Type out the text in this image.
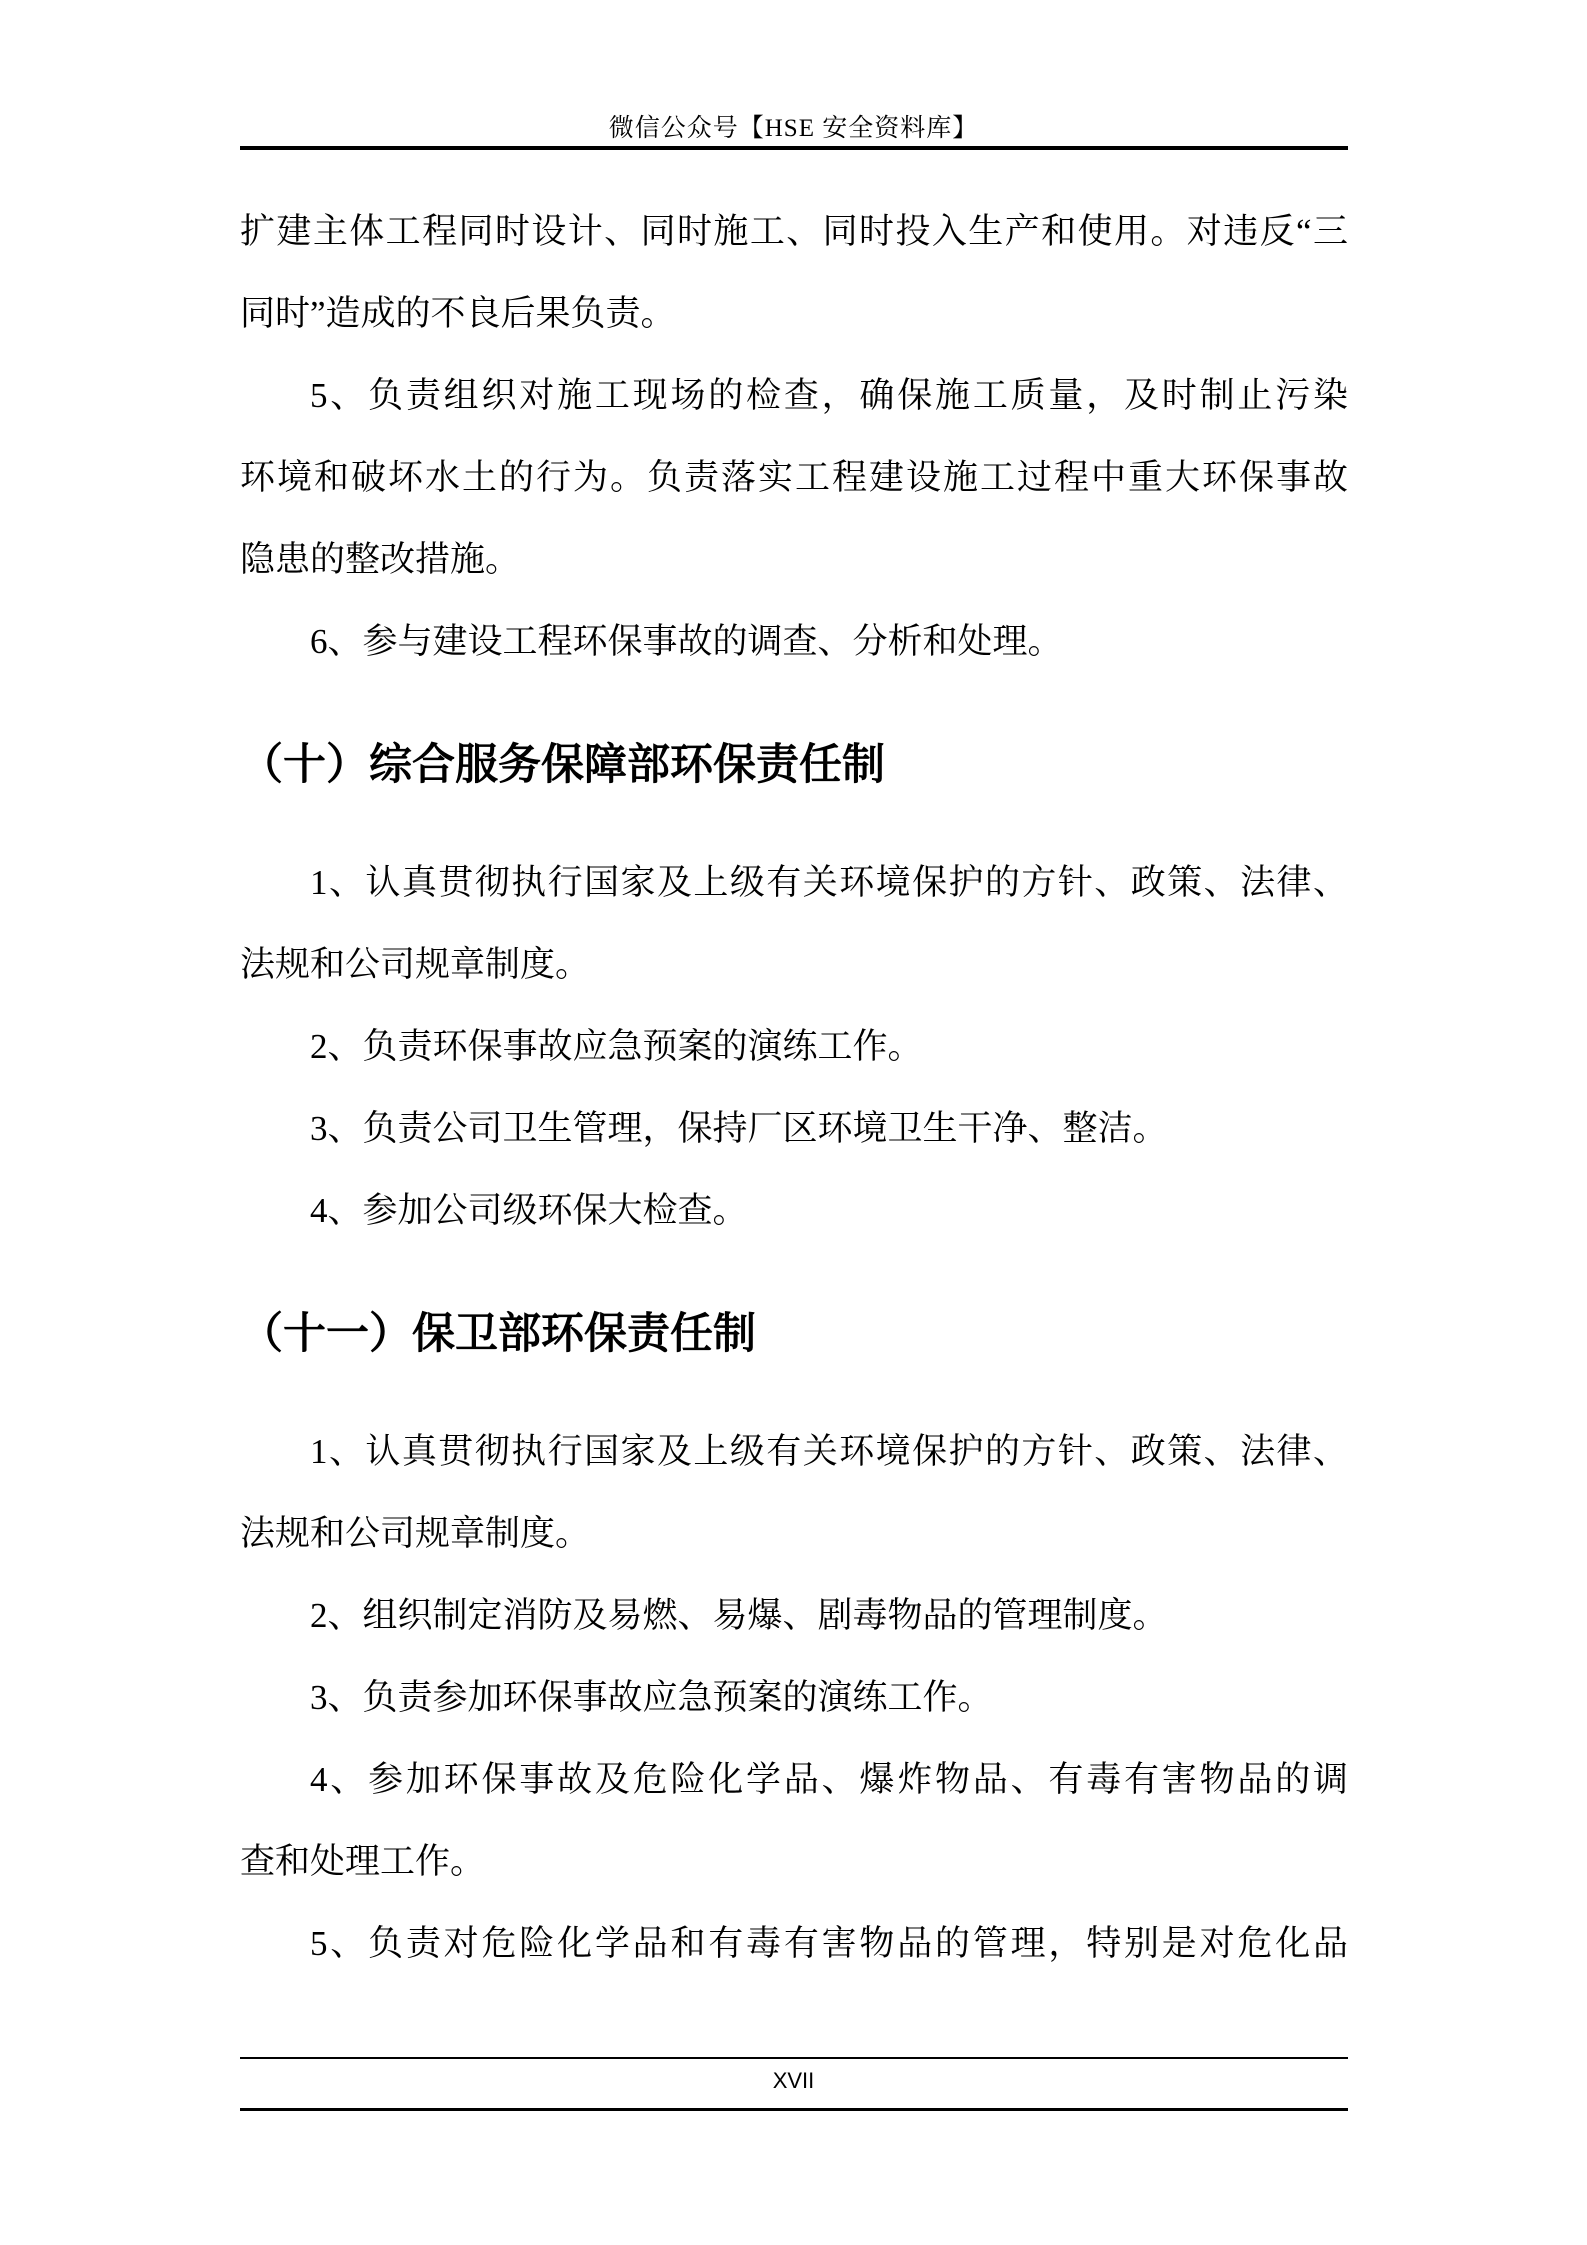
微信公众号【HSE 安全资料库】
扩建主体工程同时设计、同时施工、同时投入生产和使用。对违反“三
同时”造成的不良后果负责。
5、负责组织对施工现场的检查，确保施工质量，及时制止污染
环境和破坏水土的行为。负责落实工程建设施工过程中重大环保事故
隐患的整改措施。
6、参与建设工程环保事故的调查、分析和处理。
（十）综合服务保障部环保责任制
1、认真贯彻执行国家及上级有关环境保护的方针、政策、法律、
法规和公司规章制度。
2、负责环保事故应急预案的演练工作。
3、负责公司卫生管理，保持厂区环境卫生干净、整洁。
4、参加公司级环保大检查。
（十一）保卫部环保责任制
1、认真贯彻执行国家及上级有关环境保护的方针、政策、法律、
法规和公司规章制度。
2、组织制定消防及易燃、易爆、剧毒物品的管理制度。
3、负责参加环保事故应急预案的演练工作。
4、参加环保事故及危险化学品、爆炸物品、有毒有害物品的调
查和处理工作。
5、负责对危险化学品和有毒有害物品的管理，特别是对危化品
XVII
